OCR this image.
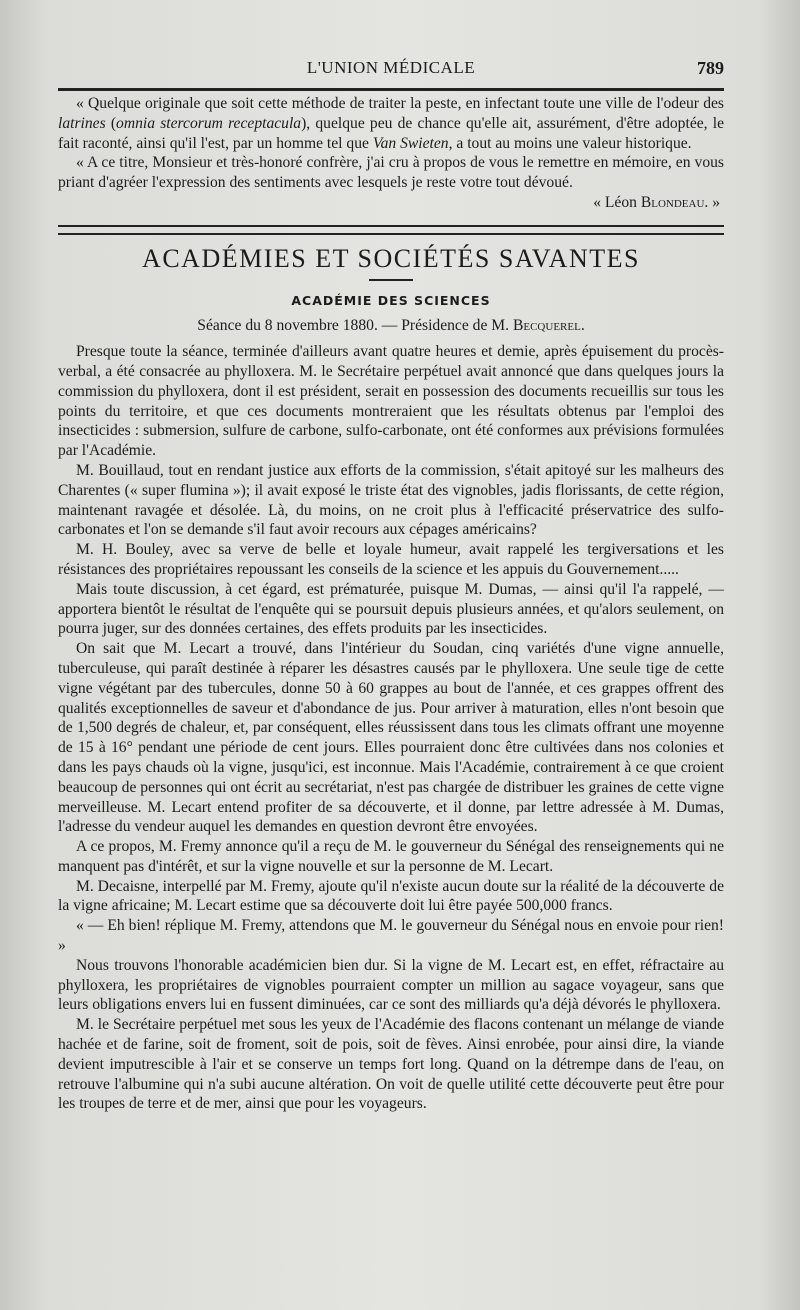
L'UNION MÉDICALE	789

« Quelque originale que soit cette méthode de traiter la peste, en infectant toute une ville de l'odeur des latrines (omnia stercorum receptacula), quelque peu de chance qu'elle ait, assurément, d'être adoptée, le fait raconté, ainsi qu'il l'est, par un homme tel que Van Swieten, a tout au moins une valeur historique.

« A ce titre, Monsieur et très-honoré confrère, j'ai cru à propos de vous le remettre en mémoire, en vous priant d'agréer l'expression des sentiments avec lesquels je reste votre tout dévoué.

« Léon Blondeau. »
ACADÉMIES ET SOCIÉTÉS SAVANTES
ACADÉMIE DES SCIENCES
Séance du 8 novembre 1880. — Présidence de M. Becquerel.

Presque toute la séance, terminée d'ailleurs avant quatre heures et demie, après épuisement du procès-verbal, a été consacrée au phylloxera. M. le Secrétaire perpétuel avait annoncé que dans quelques jours la commission du phylloxera, dont il est président, serait en possession des documents recueillis sur tous les points du territoire, et que ces documents montreraient que les résultats obtenus par l'emploi des insecticides : submersion, sulfure de carbone, sulfo-carbonate, ont été conformes aux prévisions formulées par l'Académie.

M. Bouillaud, tout en rendant justice aux efforts de la commission, s'était apitoyé sur les malheurs des Charentes (« super flumina »); il avait exposé le triste état des vignobles, jadis florissants, de cette région, maintenant ravagée et désolée. Là, du moins, on ne croit plus à l'efficacité préservatrice des sulfo-carbonates et l'on se demande s'il faut avoir recours aux cépages américains?

M. H. Bouley, avec sa verve de belle et loyale humeur, avait rappelé les tergiversations et les résistances des propriétaires repoussant les conseils de la science et les appuis du Gouvernement.....

Mais toute discussion, à cet égard, est prématurée, puisque M. Dumas, — ainsi qu'il l'a rappelé, — apportera bientôt le résultat de l'enquête qui se poursuit depuis plusieurs années, et qu'alors seulement, on pourra juger, sur des données certaines, des effets produits par les insecticides.

On sait que M. Lecart a trouvé, dans l'intérieur du Soudan, cinq variétés d'une vigne annuelle, tuberculeuse, qui paraît destinée à réparer les désastres causés par le phylloxera. Une seule tige de cette vigne végétant par des tubercules, donne 50 à 60 grappes au bout de l'année, et ces grappes offrent des qualités exceptionnelles de saveur et d'abondance de jus. Pour arriver à maturation, elles n'ont besoin que de 1,500 degrés de chaleur, et, par conséquent, elles réussissent dans tous les climats offrant une moyenne de 15 à 16° pendant une période de cent jours. Elles pourraient donc être cultivées dans nos colonies et dans les pays chauds où la vigne, jusqu'ici, est inconnue. Mais l'Académie, contrairement à ce que croient beaucoup de personnes qui ont écrit au secrétariat, n'est pas chargée de distribuer les graines de cette vigne merveilleuse. M. Lecart entend profiter de sa découverte, et il donne, par lettre adressée à M. Dumas, l'adresse du vendeur auquel les demandes en question devront être envoyées.

A ce propos, M. Fremy annonce qu'il a reçu de M. le gouverneur du Sénégal des renseignements qui ne manquent pas d'intérêt, et sur la vigne nouvelle et sur la personne de M. Lecart.

M. Decaisne, interpellé par M. Fremy, ajoute qu'il n'existe aucun doute sur la réalité de la découverte de la vigne africaine; M. Lecart estime que sa découverte doit lui être payée 500,000 francs.

« — Eh bien! réplique M. Fremy, attendons que M. le gouverneur du Sénégal nous en envoie pour rien! »

Nous trouvons l'honorable académicien bien dur. Si la vigne de M. Lecart est, en effet, réfractaire au phylloxera, les propriétaires de vignobles pourraient compter un million au sagace voyageur, sans que leurs obligations envers lui en fussent diminuées, car ce sont des milliards qu'a déjà dévorés le phylloxera.

M. le Secrétaire perpétuel met sous les yeux de l'Académie des flacons contenant un mélange de viande hachée et de farine, soit de froment, soit de pois, soit de fèves. Ainsi enrobée, pour ainsi dire, la viande devient imputrescible à l'air et se conserve un temps fort long. Quand on la détrempe dans de l'eau, on retrouve l'albumine qui n'a subi aucune altération. On voit de quelle utilité cette découverte peut être pour les troupes de terre et de mer, ainsi que pour les voyageurs.
